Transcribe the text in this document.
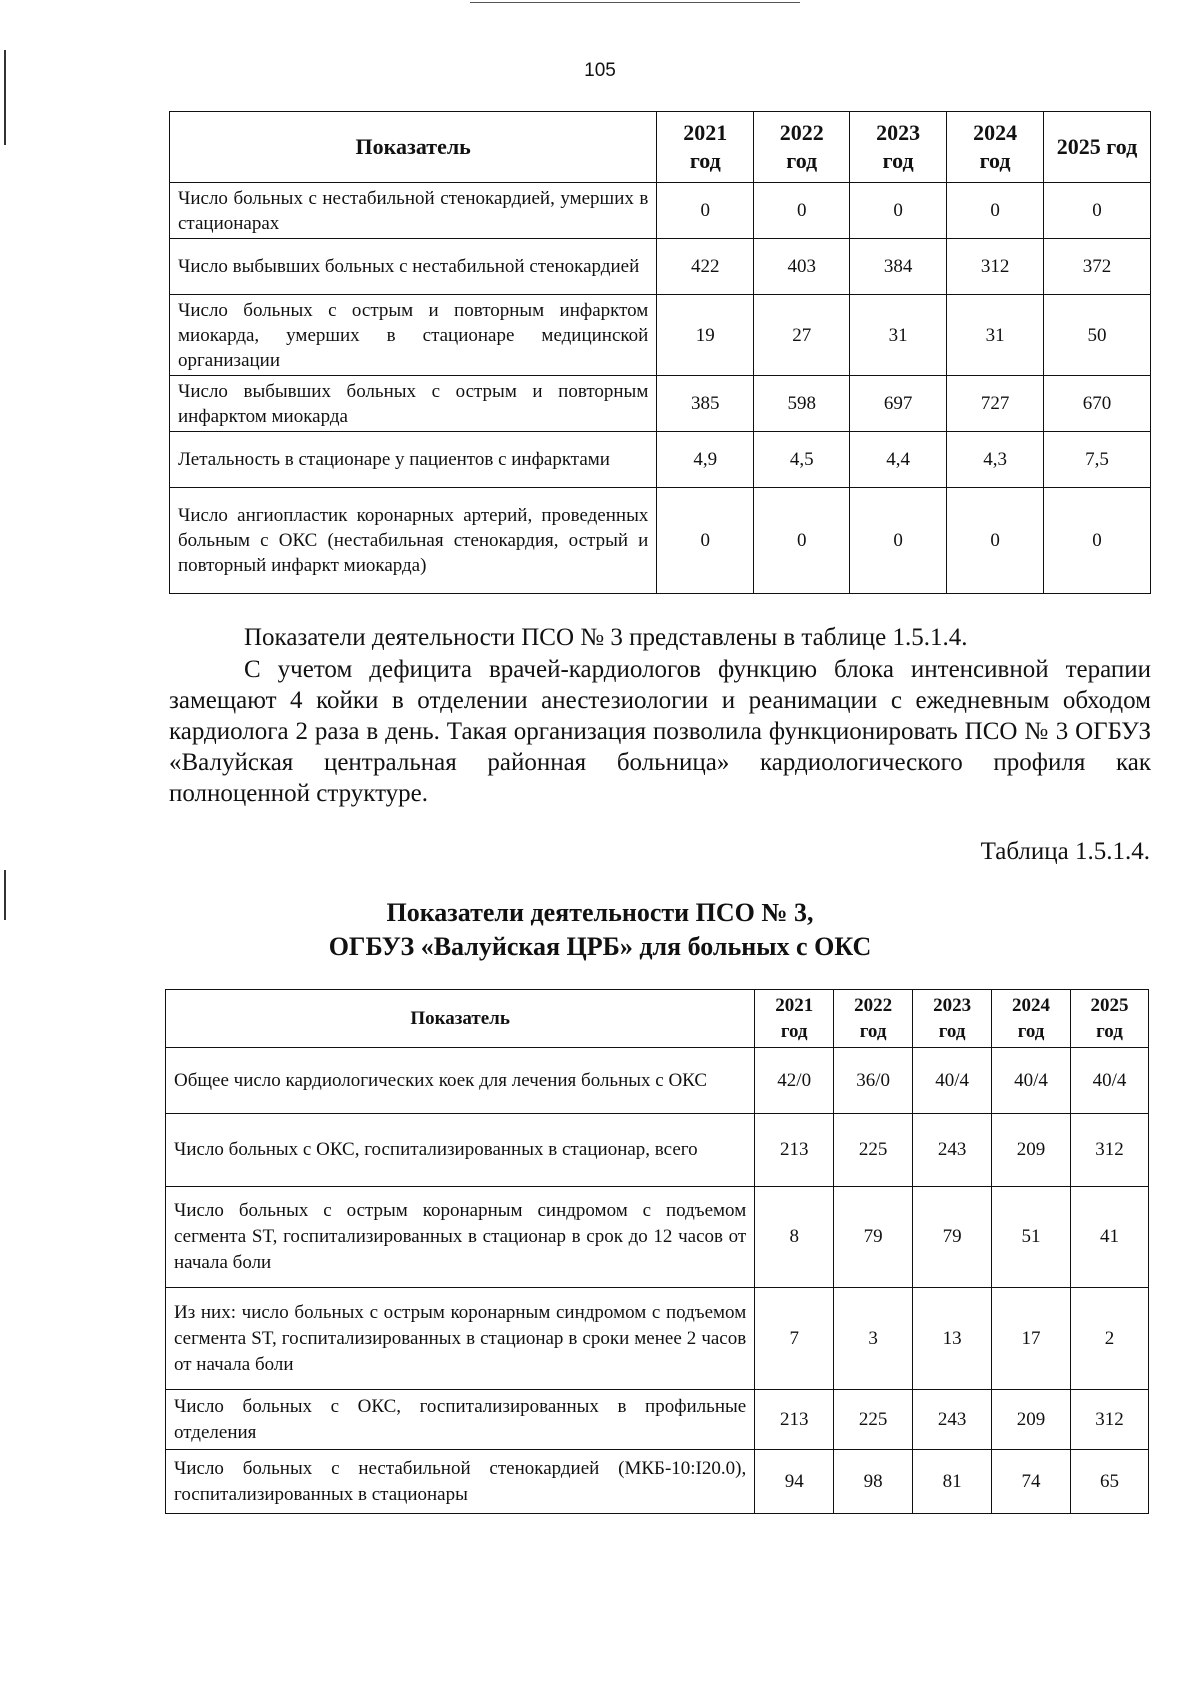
105
Показатель	2021 год	2022 год	2023 год	2024 год	2025 год
Число больных с нестабильной стенокардией, умерших в стационарах	0	0	0	0	0
Число выбывших больных с нестабильной стенокардией	422	403	384	312	372
Число больных с острым и повторным инфарктом миокарда, умерших в стационаре медицинской организации	19	27	31	31	50
Число выбывших больных с острым и повторным инфарктом миокарда	385	598	697	727	670
Летальность в стационаре у пациентов с инфарктами	4,9	4,5	4,4	4,3	7,5
Число ангиопластик коронарных артерий, проведенных больным с ОКС (нестабильная стенокардия, острый и повторный инфаркт миокарда)	0	0	0	0	0

Показатели деятельности ПСО № 3 представлены в таблице 1.5.1.4.

С учетом дефицита врачей-кардиологов функцию блока интенсивной терапии замещают 4 койки в отделении анестезиологии и реанимации с ежедневным обходом кардиолога 2 раза в день. Такая организация позволила функционировать ПСО № 3 ОГБУЗ «Валуйская центральная районная больница» кардиологического профиля как полноценной структуре.

Таблица 1.5.1.4.
Показатели деятельности ПСО № 3,
ОГБУЗ «Валуйская ЦРБ» для больных с ОКС
Показатель	2021 год	2022 год	2023 год	2024 год	2025 год
Общее число кардиологических коек для лечения больных с ОКС	42/0	36/0	40/4	40/4	40/4
Число больных с ОКС, госпитализированных в стационар, всего	213	225	243	209	312
Число больных с острым коронарным синдромом с подъемом сегмента ST, госпитализированных в стационар в срок до 12 часов от начала боли	8	79	79	51	41
Из них: число больных с острым коронарным синдромом с подъемом сегмента ST, госпитализированных в стационар в сроки менее 2 часов от начала боли	7	3	13	17	2
Число больных с ОКС, госпитализированных в профильные отделения	213	225	243	209	312
Число больных с нестабильной стенокардией (МКБ-10:I20.0), госпитализированных в стационары	94	98	81	74	65
